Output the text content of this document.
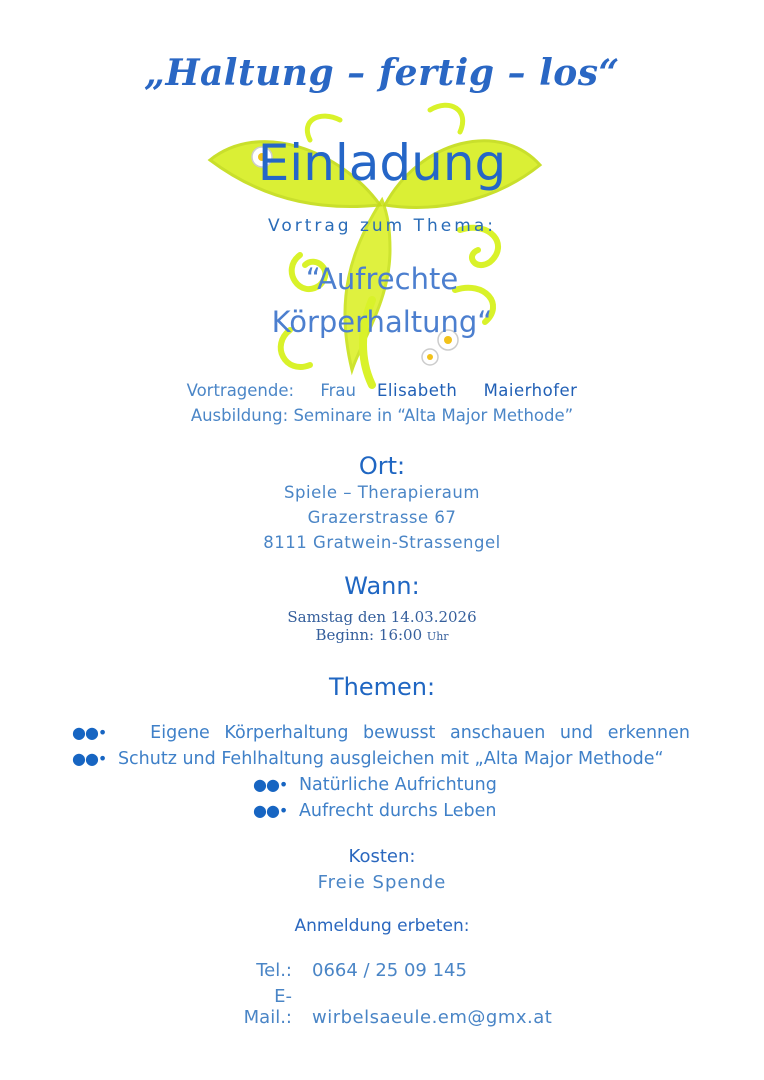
„Haltung – fertig – los“
Einladung
Vortrag zum Thema:
“Aufrechte
Körperhaltung“
Vortragende: Frau Elisabeth Maierhofer
Ausbildung: Seminare in “Alta Major Methode”
Ort:
Spiele – Therapieraum
Grazerstrasse 67
8111 Gratwein-Strassengel
Wann:
Samstag den 14.03.2026
Beginn: 16:00 Uhr
Themen:
●●•	Eigene Körperhaltung bewusst anschauen und erkennen
●●• Schutz und Fehlhaltung ausgleichen mit „Alta Major Methode“
●●• Natürliche Aufrichtung
●●• Aufrecht durchs Leben
Kosten:
Freie Spende
Anmeldung erbeten:
Tel.: 0664 / 25 09 145
E-Mail.: wirbelsaeule.em@gmx.at
